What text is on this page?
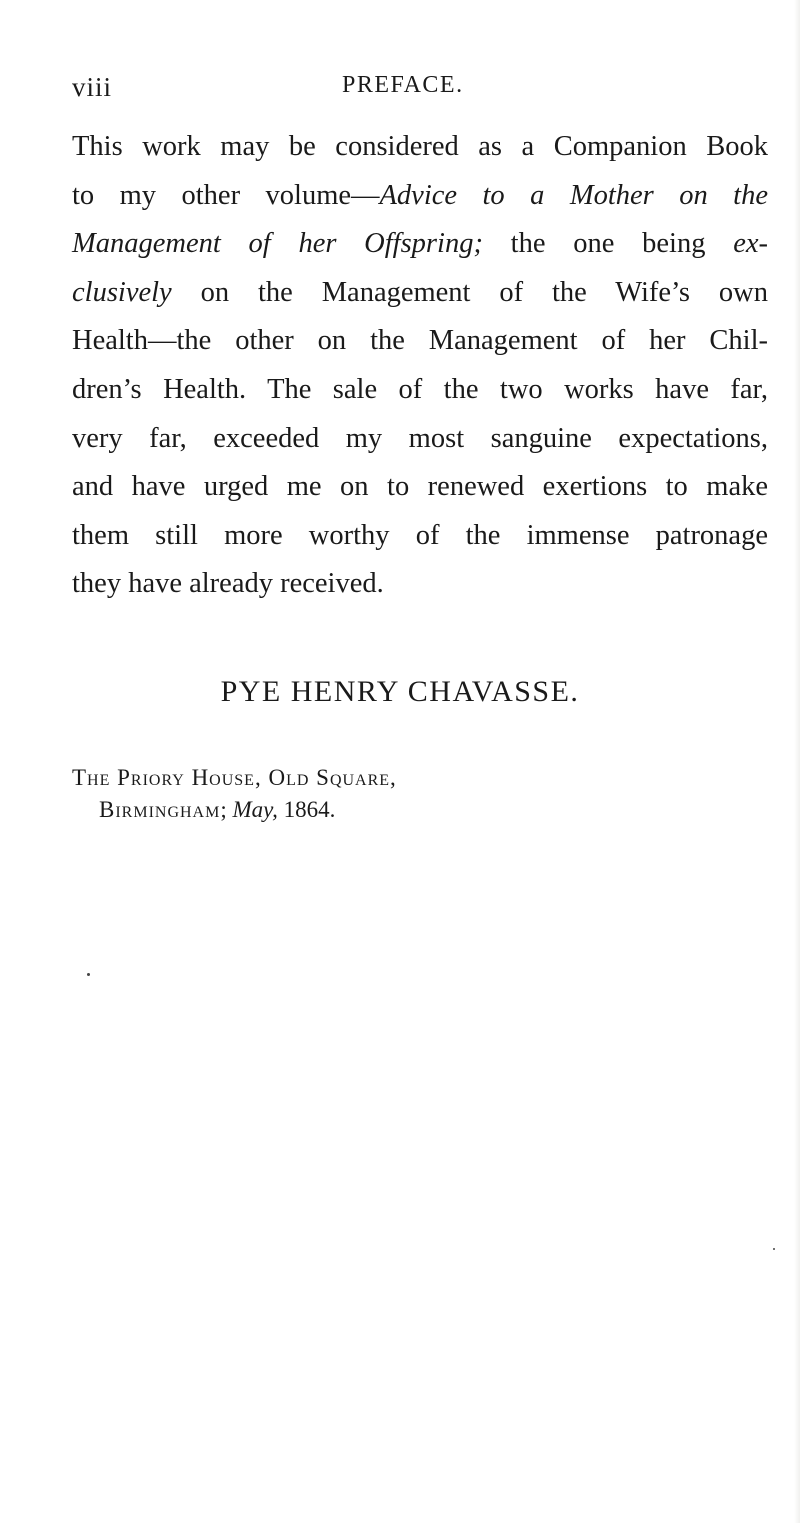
viii	PREFACE.
This work may be considered as a Companion Book
to my other volume—Advice to a Mother on the
Management of her Offspring; the one being ex-
clusively on the Management of the Wife’s own
Health—the other on the Management of her Chil-
dren’s Health. The sale of the two works have far,
very far, exceeded my most sanguine expectations,
and have urged me on to renewed exertions to make
them still more worthy of the immense patronage
they have already received.
PYE HENRY CHAVASSE.
The Priory House, Old Square,
Birmingham; May, 1864.
